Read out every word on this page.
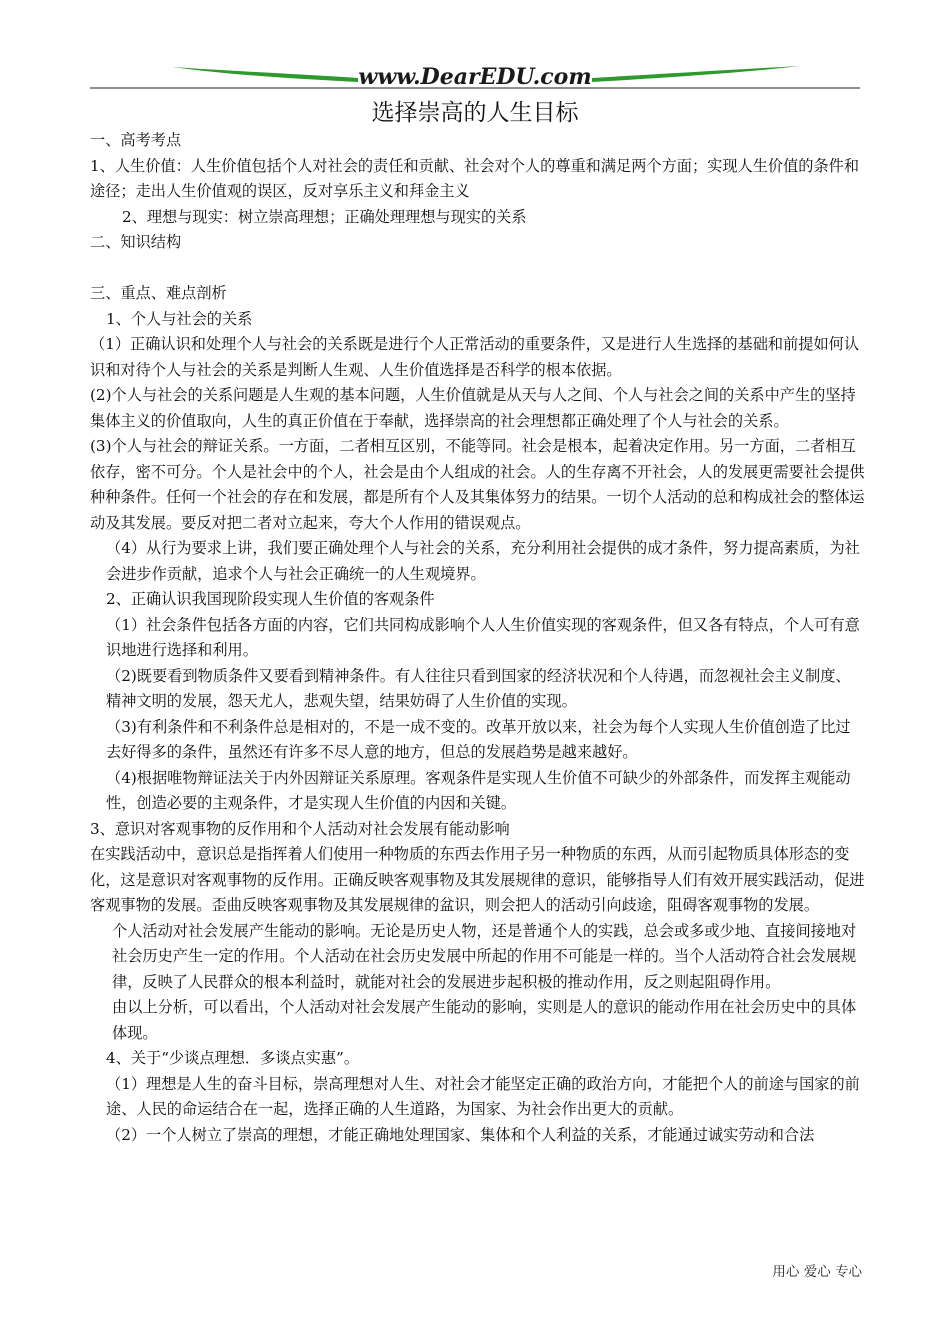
www.DearEDU.com
选择崇高的人生目标

一、高考考点

1、人生价值：人生价值包括个人对社会的责任和贡献、社会对个人的尊重和满足两个方面；实现人生价值的条件和途径；走出人生价值观的误区，反对享乐主义和拜金主义

2、理想与现实：树立崇高理想；正确处理理想与现实的关系

二、知识结构

三、重点、难点剖析

1、个人与社会的关系

（1）正确认识和处理个人与社会的关系既是进行个人正常活动的重要条件，又是进行人生选择的基础和前提如何认识和对待个人与社会的关系是判断人生观、人生价值选择是否科学的根本依据。

(2)个人与社会的关系问题是人生观的基本问题，人生价值就是从天与人之间、个人与社会之间的关系中产生的坚持集体主义的价值取向，人生的真正价值在于奉献，选择崇高的社会理想都正确处理了个人与社会的关系。

(3)个人与社会的辩证关系。一方面，二者相互区别，不能等同。社会是根本，起着决定作用。另一方面，二者相互依存，密不可分。个人是社会中的个人，社会是由个人组成的社会。人的生存离不开社会，人的发展更需要社会提供种种条件。任何一个社会的存在和发展，都是所有个人及其集体努力的结果。一切个人活动的总和构成社会的整体运动及其发展。要反对把二者对立起来，夸大个人作用的错误观点。

（4）从行为要求上讲，我们要正确处理个人与社会的关系，充分利用社会提供的成才条件，努力提高素质，为社会进步作贡献，追求个人与社会正确统一的人生观境界。

2、正确认识我国现阶段实现人生价值的客观条件

（1）社会条件包括各方面的内容，它们共同构成影响个人人生价值实现的客观条件，但又各有特点，个人可有意识地进行选择和利用。

（2)既要看到物质条件又要看到精神条件。有人往往只看到国家的经济状况和个人待遇，而忽视社会主义制度、精神文明的发展，怨天尤人，悲观失望，结果妨碍了人生价值的实现。

（3)有利条件和不利条件总是相对的，不是一成不变的。改革开放以来，社会为每个人实现人生价值创造了比过去好得多的条件，虽然还有许多不尽人意的地方，但总的发展趋势是越来越好。

（4)根据唯物辩证法关于内外因辩证关系原理。客观条件是实现人生价值不可缺少的外部条件，而发挥主观能动性，创造必要的主观条件，才是实现人生价值的内因和关键。

3、意识对客观事物的反作用和个人活动对社会发展有能动影响

在实践活动中，意识总是指挥着人们使用一种物质的东西去作用子另一种物质的东西，从而引起物质具体形态的变化，这是意识对客观事物的反作用。正确反映客观事物及其发展规律的意识，能够指导人们有效开展实践活动，促进客观事物的发展。歪曲反映客观事物及其发展规律的盆识，则会把人的活动引向歧途，阻碍客观事物的发展。

个人活动对社会发展产生能动的影响。无论是历史人物，还是普通个人的实践，总会或多或少地、直接间接地对社会历史产生一定的作用。个人活动在社会历史发展中所起的作用不可能是一样的。当个人活动符合社会发展规律，反映了人民群众的根本利益时，就能对社会的发展进步起积极的推动作用，反之则起阻碍作用。

由以上分析，可以看出，个人活动对社会发展产生能动的影响，实则是人的意识的能动作用在社会历史中的具体体现。

4、关于“少谈点理想．多谈点实惠”。

（1）理想是人生的奋斗目标，崇高理想对人生、对社会才能坚定正确的政治方向，才能把个人的前途与国家的前途、人民的命运结合在一起，选择正确的人生道路，为国家、为社会作出更大的贡献。

（2）一个人树立了崇高的理想，才能正确地处理国家、集体和个人利益的关系，才能通过诚实劳动和合法

用心 爱心 专心
